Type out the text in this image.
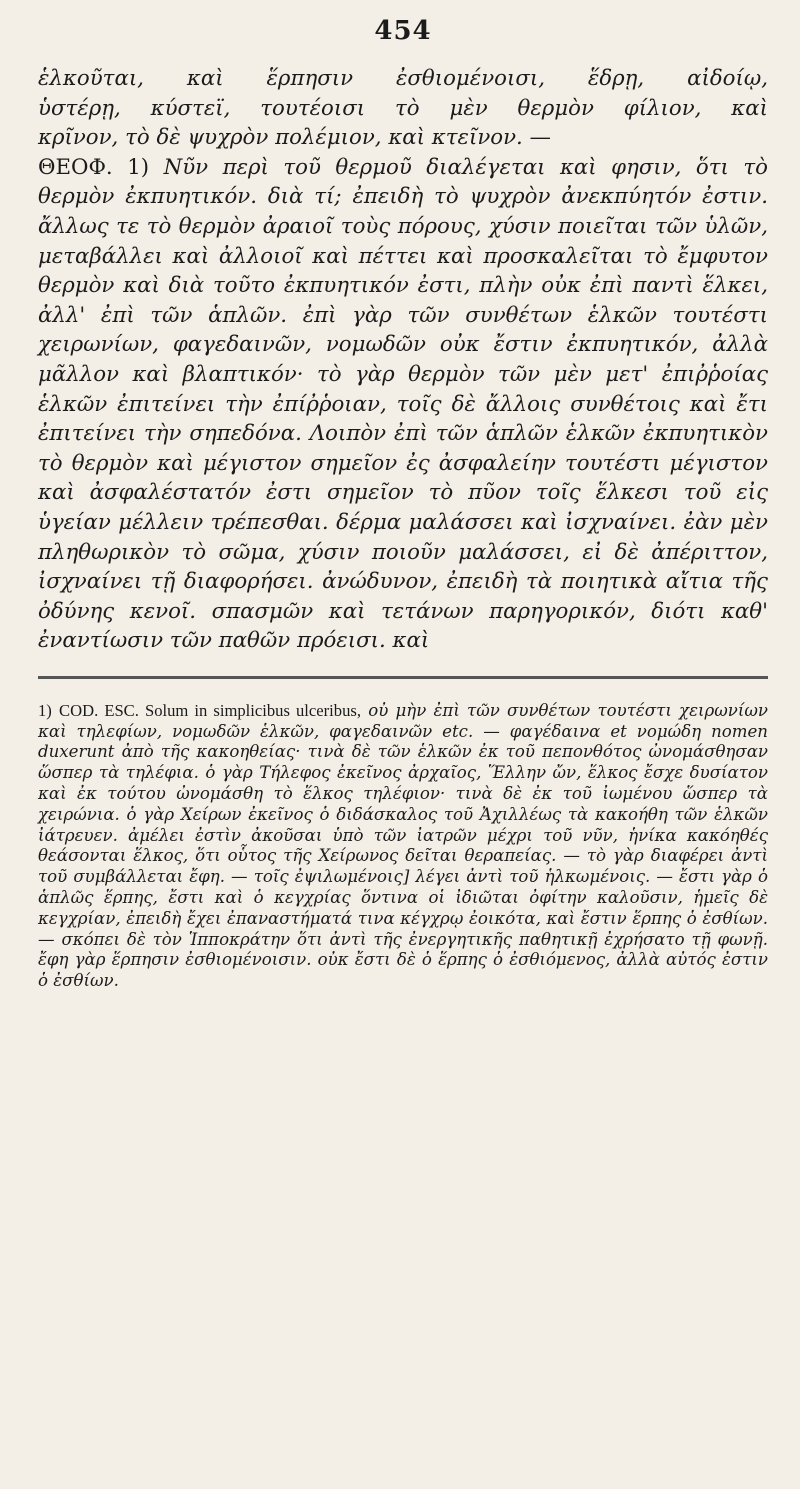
454

ἑλκοῦται, καὶ ἕρπησιν ἐσθιομένοισι, ἕδρῃ, αἰδοίῳ,

ὑστέρῃ, κύστεϊ, τουτέοισι τὸ μὲν θερμὸν φίλιον, καὶ

κρῖνον, τὸ δὲ ψυχρὸν πολέμιον, καὶ κτεῖνον. —

ΘΕΟΦ. 1) Νῦν περὶ τοῦ θερμοῦ διαλέγεται καὶ φησιν, ὅτι τὸ θερμὸν ἐκπυητικόν. διὰ τί; ἐπειδὴ τὸ ψυχρὸν ἀνεκπύητόν ἐστιν. ἄλλως τε τὸ θερμὸν ἀραιοῖ τοὺς πόρους, χύσιν ποιεῖται τῶν ὑλῶν, μεταβάλλει καὶ ἀλλοιοῖ καὶ πέττει καὶ προσκαλεῖται τὸ ἔμφυτον θερμὸν καὶ διὰ τοῦτο ἐκπυητικόν ἐστι, πλὴν οὐκ ἐπὶ παντὶ ἕλκει, ἀλλ' ἐπὶ τῶν ἁπλῶν. ἐπὶ γὰρ τῶν συνθέτων ἑλκῶν τουτέστι χειρωνίων, φαγεδαινῶν, νομωδῶν οὐκ ἔστιν ἐκπυητικόν, ἀλλὰ μᾶλλον καὶ βλαπτικόν· τὸ γὰρ θερμὸν τῶν μὲν μετ' ἐπιῤῥοίας ἑλκῶν ἐπιτείνει τὴν ἐπίῤῥοιαν, τοῖς δὲ ἄλλοις συνθέτοις καὶ ἔτι ἐπιτείνει τὴν σηπεδόνα. Λοιπὸν ἐπὶ τῶν ἁπλῶν ἑλκῶν ἐκπυητικὸν τὸ θερμὸν καὶ μέγιστον σημεῖον ἐς ἀσφαλείην τουτέστι μέγιστον καὶ ἀσφαλέστατόν ἐστι σημεῖον τὸ πῦον τοῖς ἕλκεσι τοῦ εἰς ὑγείαν μέλλειν τρέπεσθαι. δέρμα μαλάσσει καὶ ἰσχναίνει. ἐὰν μὲν πληθωρικὸν τὸ σῶμα, χύσιν ποιοῦν μαλάσσει, εἰ δὲ ἀπέριττον, ἰσχναίνει τῇ διαφορήσει. ἀνώδυνον, ἐπειδὴ τὰ ποιητικὰ αἴτια τῆς ὀδύνης κενοῖ. σπασμῶν καὶ τετάνων παρηγορικόν, διότι καθ' ἐναντίωσιν τῶν παθῶν πρόεισι. καὶ

1) COD. ESC. Solum in simplicibus ulceribus, οὐ μὴν ἐπὶ τῶν συνθέτων τουτέστι χειρωνίων καὶ τηλεφίων, νομωδῶν ἑλκῶν, φαγεδαινῶν etc. — φαγέδαινα et νομώδη nomen duxerunt ἀπὸ τῆς κακοηθείας· τινὰ δὲ τῶν ἑλκῶν ἐκ τοῦ πεπονθότος ὠνομάσθησαν ὥσπερ τὰ τηλέφια. ὁ γὰρ Τήλεφος ἐκεῖνος ἀρχαῖος, Ἕλλην ὤν, ἕλκος ἔσχε δυσίατον καὶ ἐκ τούτου ὠνομάσθη τὸ ἕλκος τηλέφιον· τινὰ δὲ ἐκ τοῦ ἰωμένου ὥσπερ τὰ χειρώνια. ὁ γὰρ Χείρων ἐκεῖνος ὁ διδάσκαλος τοῦ Ἀχιλλέως τὰ κακοήθη τῶν ἑλκῶν ἰάτρευεν. ἀμέλει ἐστὶν ἀκοῦσαι ὑπὸ τῶν ἰατρῶν μέχρι τοῦ νῦν, ἡνίκα κακόηθές θεάσονται ἕλκος, ὅτι οὗτος τῆς Χείρωνος δεῖται θεραπείας. — τὸ γὰρ διαφέρει ἀντὶ τοῦ συμβάλλεται ἔφη. — τοῖς ἐψιλωμένοις] λέγει ἀντὶ τοῦ ἡλκωμένοις. — ἔστι γὰρ ὁ ἁπλῶς ἕρπης, ἔστι καὶ ὁ κεγχρίας ὅντινα οἱ ἰδιῶται ὀφίτην καλοῦσιν, ἡμεῖς δὲ κεγχρίαν, ἐπειδὴ ἔχει ἐπαναστήματά τινα κέγχρῳ ἐοικότα, καὶ ἔστιν ἕρπης ὁ ἐσθίων. — σκόπει δὲ τὸν Ἱπποκράτην ὅτι ἀντὶ τῆς ἐνεργητικῆς παθητικῇ ἐχρήσατο τῇ φωνῇ. ἔφη γὰρ ἕρπησιν ἐσθιομένοισιν. οὐκ ἔστι δὲ ὁ ἕρπης ὁ ἐσθιόμενος, ἀλλὰ αὐτός ἐστιν ὁ ἐσθίων.
